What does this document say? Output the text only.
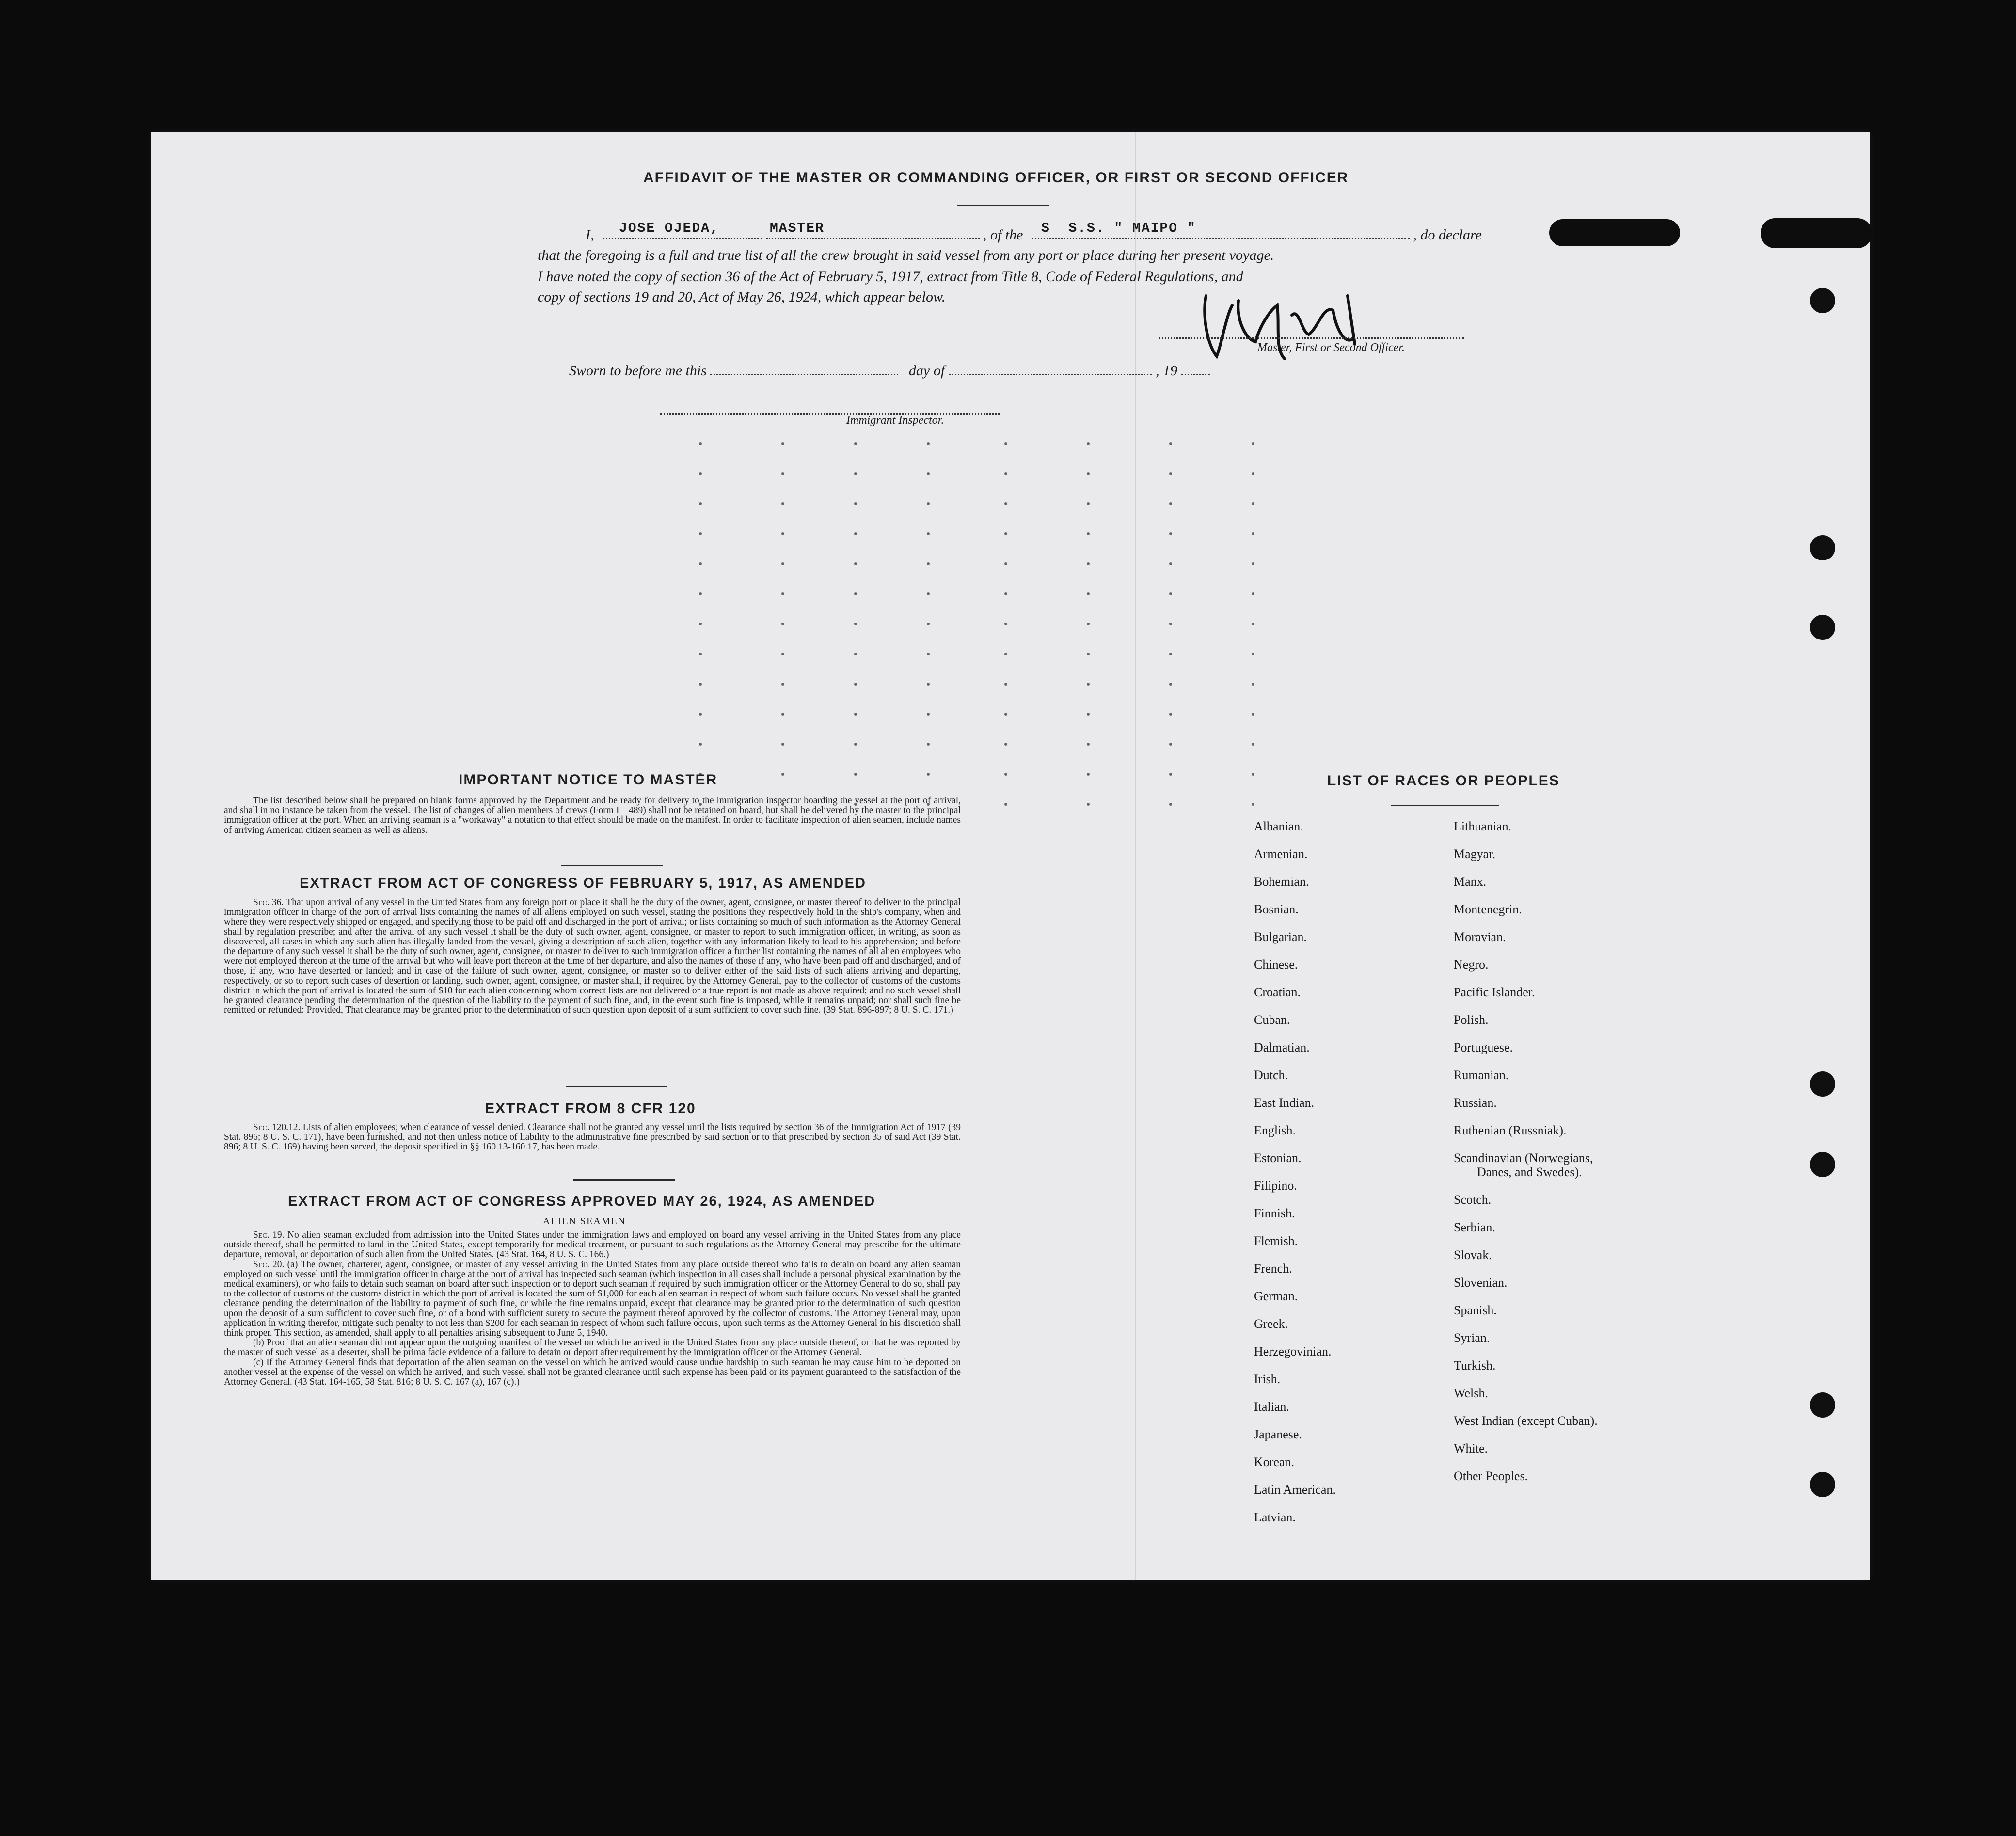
AFFIDAVIT OF THE MASTER OR COMMANDING OFFICER, OR FIRST OR SECOND OFFICER
I, JOSE OJEDA,	MASTER	, of the S  S.S. " MAIPO "	, do declare
that the foregoing is a full and true list of all the crew brought in said vessel from any port or place during her present voyage.
I have noted the copy of section 36 of the Act of February 5, 1917, extract from Title 8, Code of Federal Regulations, and
copy of sections 19 and 20, Act of May 26, 1924, which appear below.
Master, First or Second Officer.
Sworn to before me this	day of	, 19
Immigrant Inspector.
IMPORTANT NOTICE TO MASTER

The list described below shall be prepared on blank forms approved by the Department and be ready for delivery to the immigration inspector boarding the vessel at the port of arrival, and shall in no instance be taken from the vessel. The list of changes of alien members of crews (Form I—489) shall not be retained on board, but shall be delivered by the master to the principal immigration officer at the port. When an arriving seaman is a "workaway" a notation to that effect should be made on the manifest. In order to facilitate inspection of alien seamen, include names of arriving American citizen seamen as well as aliens.

EXTRACT FROM ACT OF CONGRESS OF FEBRUARY 5, 1917, AS AMENDED

Sec. 36. That upon arrival of any vessel in the United States from any foreign port or place it shall be the duty of the owner, agent, consignee, or master thereof to deliver to the principal immigration officer in charge of the port of arrival lists containing the names of all aliens employed on such vessel, stating the positions they respectively hold in the ship's company, when and where they were respectively shipped or engaged, and specifying those to be paid off and discharged in the port of arrival; or lists containing so much of such information as the Attorney General shall by regulation prescribe; and after the arrival of any such vessel it shall be the duty of such owner, agent, consignee, or master to report to such immigration officer, in writing, as soon as discovered, all cases in which any such alien has illegally landed from the vessel, giving a description of such alien, together with any information likely to lead to his apprehension; and before the departure of any such vessel it shall be the duty of such owner, agent, consignee, or master to deliver to such immigration officer a further list containing the names of all alien employees who were not employed thereon at the time of the arrival but who will leave port thereon at the time of her departure, and also the names of those if any, who have been paid off and discharged, and of those, if any, who have deserted or landed; and in case of the failure of such owner, agent, consignee, or master so to deliver either of the said lists of such aliens arriving and departing, respectively, or so to report such cases of desertion or landing, such owner, agent, consignee, or master shall, if required by the Attorney General, pay to the collector of customs of the customs district in which the port of arrival is located the sum of $10 for each alien concerning whom correct lists are not delivered or a true report is not made as above required; and no such vessel shall be granted clearance pending the determination of the question of the liability to the payment of such fine, and, in the event such fine is imposed, while it remains unpaid; nor shall such fine be remitted or refunded: Provided, That clearance may be granted prior to the determination of such question upon deposit of a sum sufficient to cover such fine. (39 Stat. 896-897; 8 U. S. C. 171.)

EXTRACT FROM 8 CFR 120

Sec. 120.12. Lists of alien employees; when clearance of vessel denied. Clearance shall not be granted any vessel until the lists required by section 36 of the Immigration Act of 1917 (39 Stat. 896; 8 U. S. C. 171), have been furnished, and not then unless notice of liability to the administrative fine prescribed by said section or to that prescribed by section 35 of said Act (39 Stat. 896; 8 U. S. C. 169) having been served, the deposit specified in §§ 160.13-160.17, has been made.

EXTRACT FROM ACT OF CONGRESS APPROVED MAY 26, 1924, AS AMENDED
ALIEN SEAMEN

Sec. 19. No alien seaman excluded from admission into the United States under the immigration laws and employed on board any vessel arriving in the United States from any place outside thereof, shall be permitted to land in the United States, except temporarily for medical treatment, or pursuant to such regulations as the Attorney General may prescribe for the ultimate departure, removal, or deportation of such alien from the United States. (43 Stat. 164, 8 U. S. C. 166.)

Sec. 20. (a) The owner, charterer, agent, consignee, or master of any vessel arriving in the United States from any place outside thereof who fails to detain on board any alien seaman employed on such vessel until the immigration officer in charge at the port of arrival has inspected such seaman (which inspection in all cases shall include a personal physical examination by the medical examiners), or who fails to detain such seaman on board after such inspection or to deport such seaman if required by such immigration officer or the Attorney General to do so, shall pay to the collector of customs of the customs district in which the port of arrival is located the sum of $1,000 for each alien seaman in respect of whom such failure occurs. No vessel shall be granted clearance pending the determination of the liability to payment of such fine, or while the fine remains unpaid, except that clearance may be granted prior to the determination of such question upon the deposit of a sum sufficient to cover such fine, or of a bond with sufficient surety to secure the payment thereof approved by the collector of customs. The Attorney General may, upon application in writing therefor, mitigate such penalty to not less than $200 for each seaman in respect of whom such failure occurs, upon such terms as the Attorney General in his discretion shall think proper. This section, as amended, shall apply to all penalties arising subsequent to June 5, 1940.

(b) Proof that an alien seaman did not appear upon the outgoing manifest of the vessel on which he arrived in the United States from any place outside thereof, or that he was reported by the master of such vessel as a deserter, shall be prima facie evidence of a failure to detain or deport after requirement by the immigration officer or the Attorney General.

(c) If the Attorney General finds that deportation of the alien seaman on the vessel on which he arrived would cause undue hardship to such seaman he may cause him to be deported on another vessel at the expense of the vessel on which he arrived, and such vessel shall not be granted clearance until such expense has been paid or its payment guaranteed to the satisfaction of the Attorney General. (43 Stat. 164-165, 58 Stat. 816; 8 U. S. C. 167 (a), 167 (c).)

LIST OF RACES OR PEOPLES
Albanian.
Armenian.
Bohemian.
Bosnian.
Bulgarian.
Chinese.
Croatian.
Cuban.
Dalmatian.
Dutch.
East Indian.
English.
Estonian.
Filipino.
Finnish.
Flemish.
French.
German.
Greek.
Herzegovinian.
Irish.
Italian.
Japanese.
Korean.
Latin American.
Latvian.
Lithuanian.
Magyar.
Manx.
Montenegrin.
Moravian.
Negro.
Pacific Islander.
Polish.
Portuguese.
Rumanian.
Russian.
Ruthenian (Russniak).
Scandinavian (Norwegians,
Danes, and Swedes).
Scotch.
Serbian.
Slovak.
Slovenian.
Spanish.
Syrian.
Turkish.
Welsh.
West Indian (except Cuban).
White.
Other Peoples.
